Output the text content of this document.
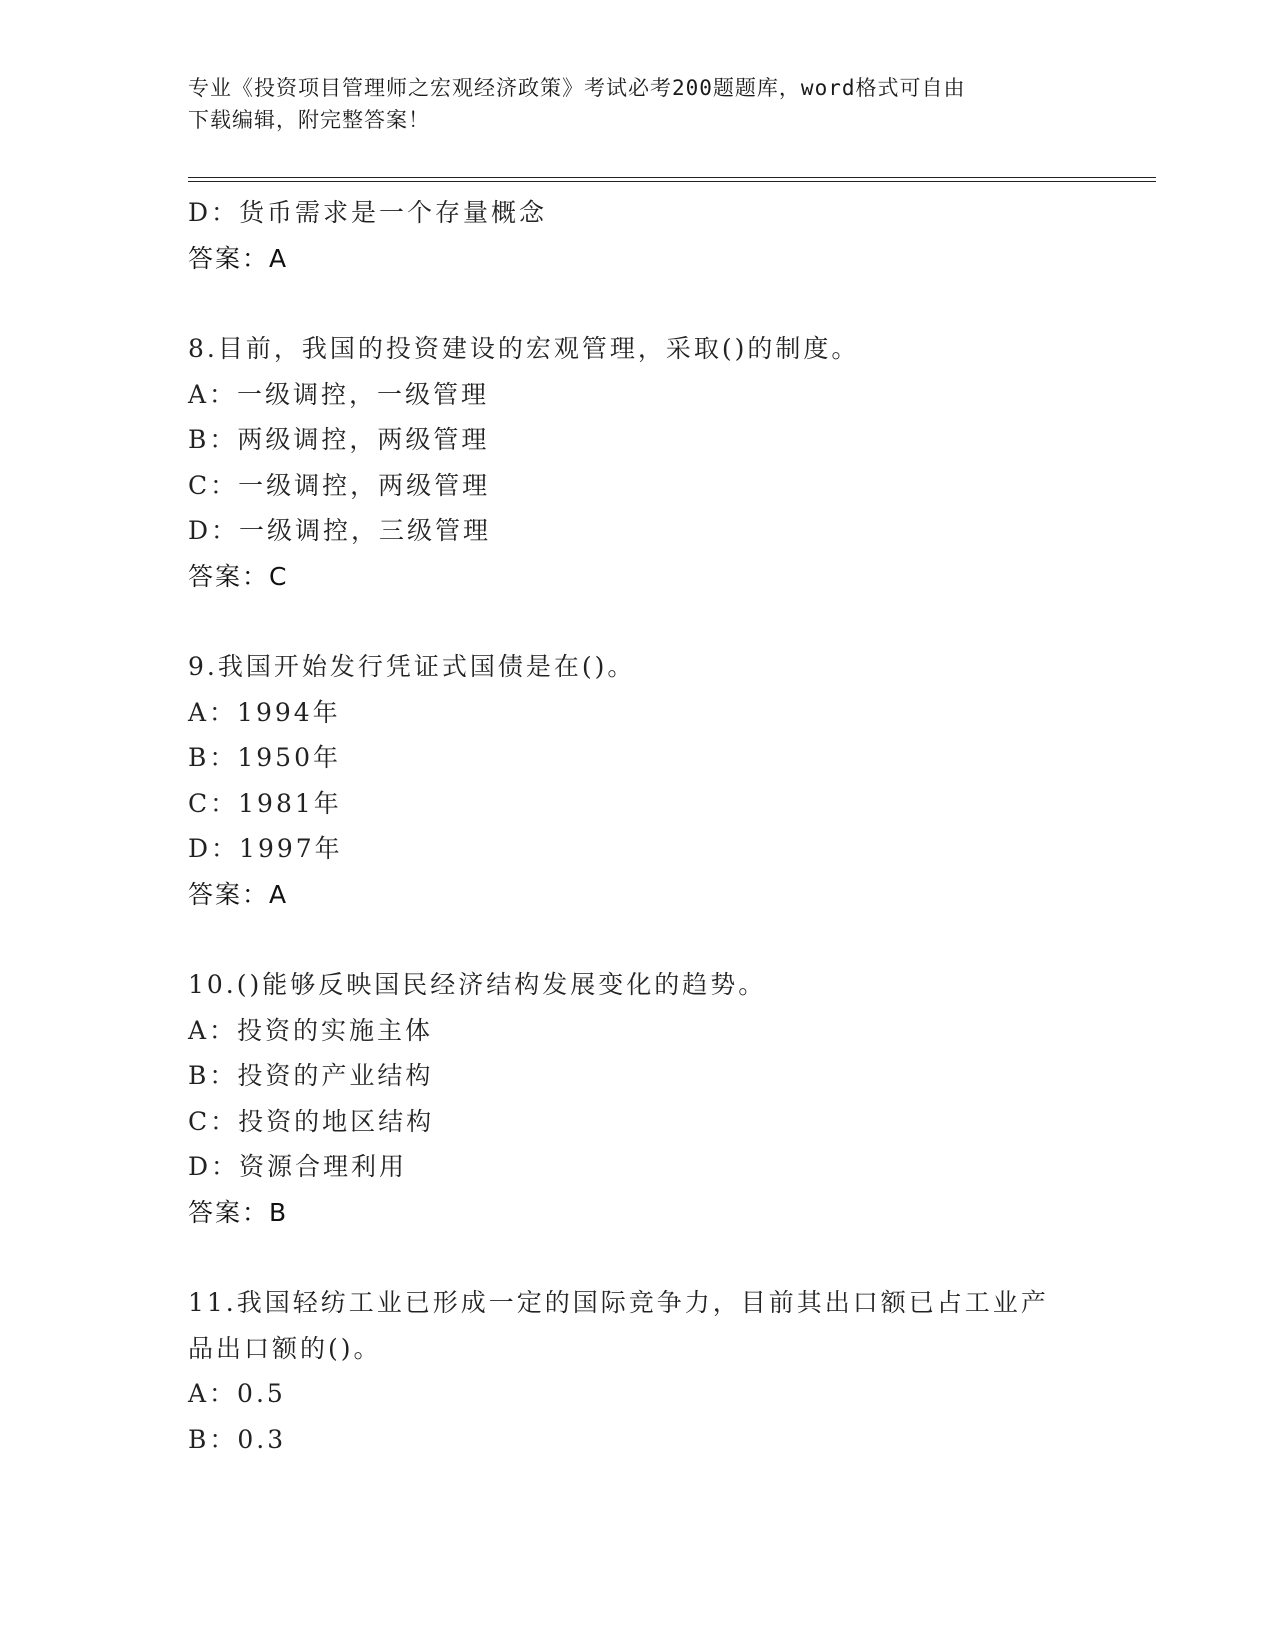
专业《投资项目管理师之宏观经济政策》考试必考200题题库，word格式可自由
下载编辑，附完整答案！
D：货币需求是一个存量概念
答案：A
8.目前，我国的投资建设的宏观管理，采取()的制度。
A：一级调控，一级管理
B：两级调控，两级管理
C：一级调控，两级管理
D：一级调控，三级管理
答案：C
9.我国开始发行凭证式国债是在()。
A：1994年
B：1950年
C：1981年
D：1997年
答案：A
10.()能够反映国民经济结构发展变化的趋势。
A：投资的实施主体
B：投资的产业结构
C：投资的地区结构
D：资源合理利用
答案：B
11.我国轻纺工业已形成一定的国际竞争力，目前其出口额已占工业产
品出口额的()。
A：0.5
B：0.3
